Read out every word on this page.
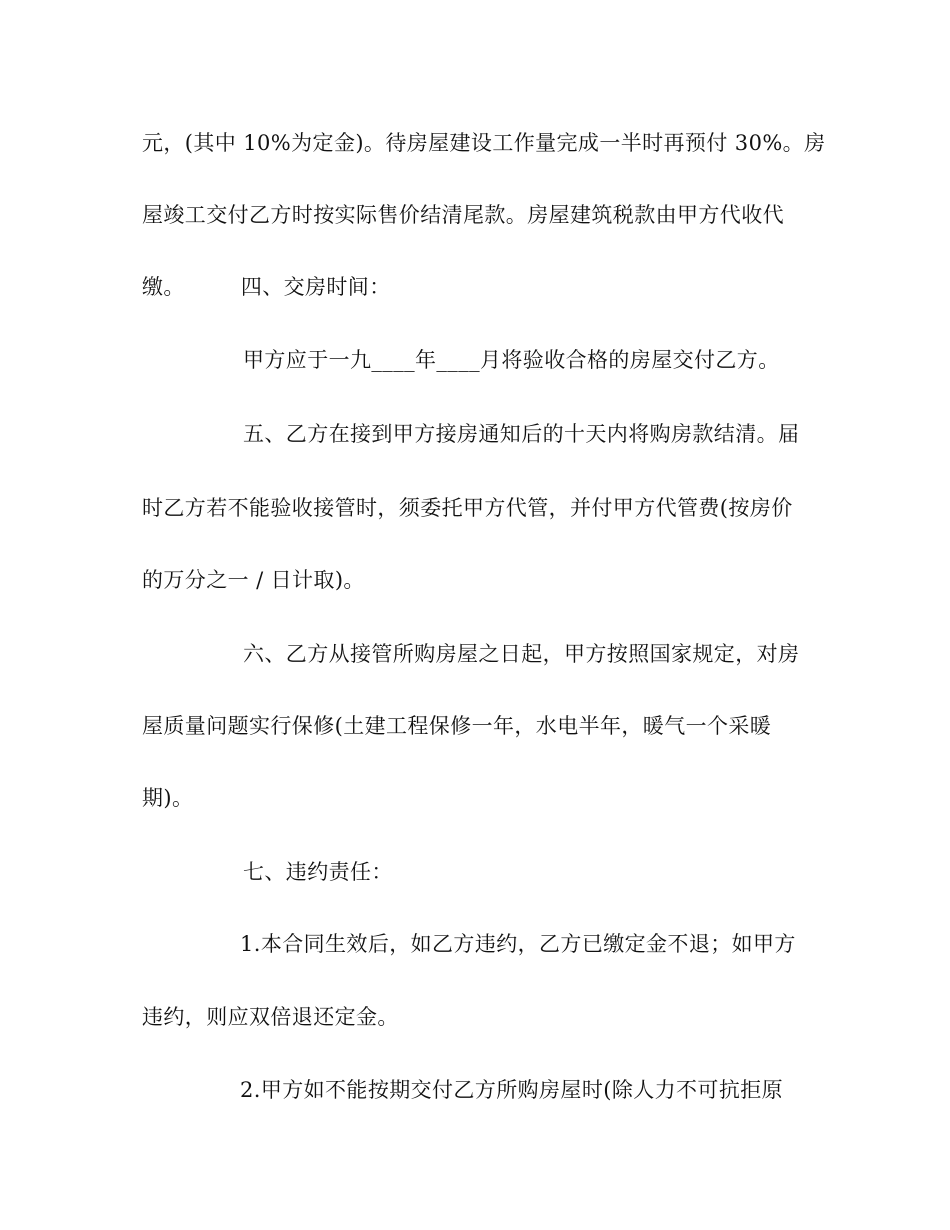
元，(其中 10%为定金)。待房屋建设工作量完成一半时再预付 30%。房
屋竣工交付乙方时按实际售价结清尾款。房屋建筑税款由甲方代收代
缴。	四、交房时间：
甲方应于一九____年____月将验收合格的房屋交付乙方。
五、乙方在接到甲方接房通知后的十天内将购房款结清。届
时乙方若不能验收接管时，须委托甲方代管，并付甲方代管费(按房价
的万分之一 / 日计取)。
六、乙方从接管所购房屋之日起，甲方按照国家规定，对房
屋质量问题实行保修(土建工程保修一年，水电半年，暖气一个采暖
期)。
七、违约责任：
1.本合同生效后，如乙方违约，乙方已缴定金不退；如甲方
违约，则应双倍退还定金。
2.甲方如不能按期交付乙方所购房屋时(除人力不可抗拒原
